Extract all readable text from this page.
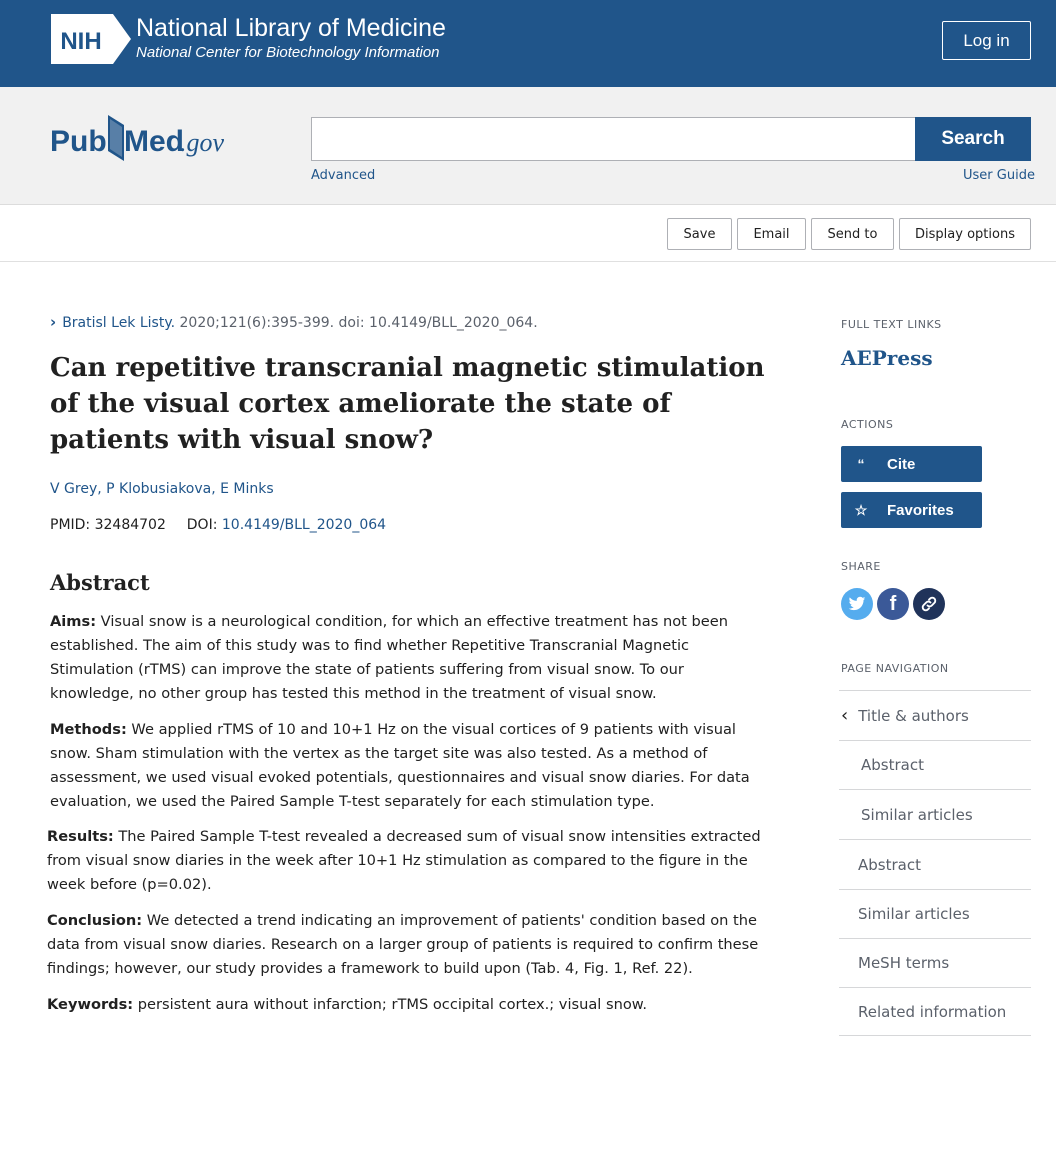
NIH National Library of Medicine
National Center for Biotechnology Information
Log in
Pub Med
.gov	Search
Advanced	User Guide
Save	Email	Send to	Display options
› Bratisl Lek Listy. 2020;121(6):395-399. doi: 10.4149/BLL_2020_064.
Can repetitive transcranial magnetic stimulation of the visual cortex ameliorate the state of patients with visual snow?
V Grey, P Klobusiakova, E Minks
PMID: 32484702 DOI: 10.4149/BLL_2020_064
Abstract

Aims: Visual snow is a neurological condition, for which an effective treatment has not been established. The aim of this study was to find whether Repetitive Transcranial Magnetic Stimulation (rTMS) can improve the state of patients suffering from visual snow. To our knowledge, no other group has tested this method in the treatment of visual snow.

Methods: We applied rTMS of 10 and 10+1 Hz on the visual cortices of 9 patients with visual snow. Sham stimulation with the vertex as the target site was also tested. As a method of assessment, we used visual evoked potentials, questionnaires and visual snow diaries. For data evaluation, we used the Paired Sample T-test separately for each stimulation type.

Results: The Paired Sample T-test revealed a decreased sum of visual snow intensities extracted from visual snow diaries in the week after 10+1 Hz stimulation as compared to the figure in the week before (p=0.02).

Conclusion: We detected a trend indicating an improvement of patients' condition based on the data from visual snow diaries. Research on a larger group of patients is required to confirm these findings; however, our study provides a framework to build upon (Tab. 4, Fig. 1, Ref. 22).

Keywords: persistent aura without infarction; rTMS occipital cortex.; visual snow.

FULL TEXT LINKS
AEPress
ACTIONS
“	Cite
☆	Favorites
SHARE
f
PAGE NAVIGATION
‹ Title & authors
Abstract
Similar articles
Abstract
Similar articles
MeSH terms
Related information
